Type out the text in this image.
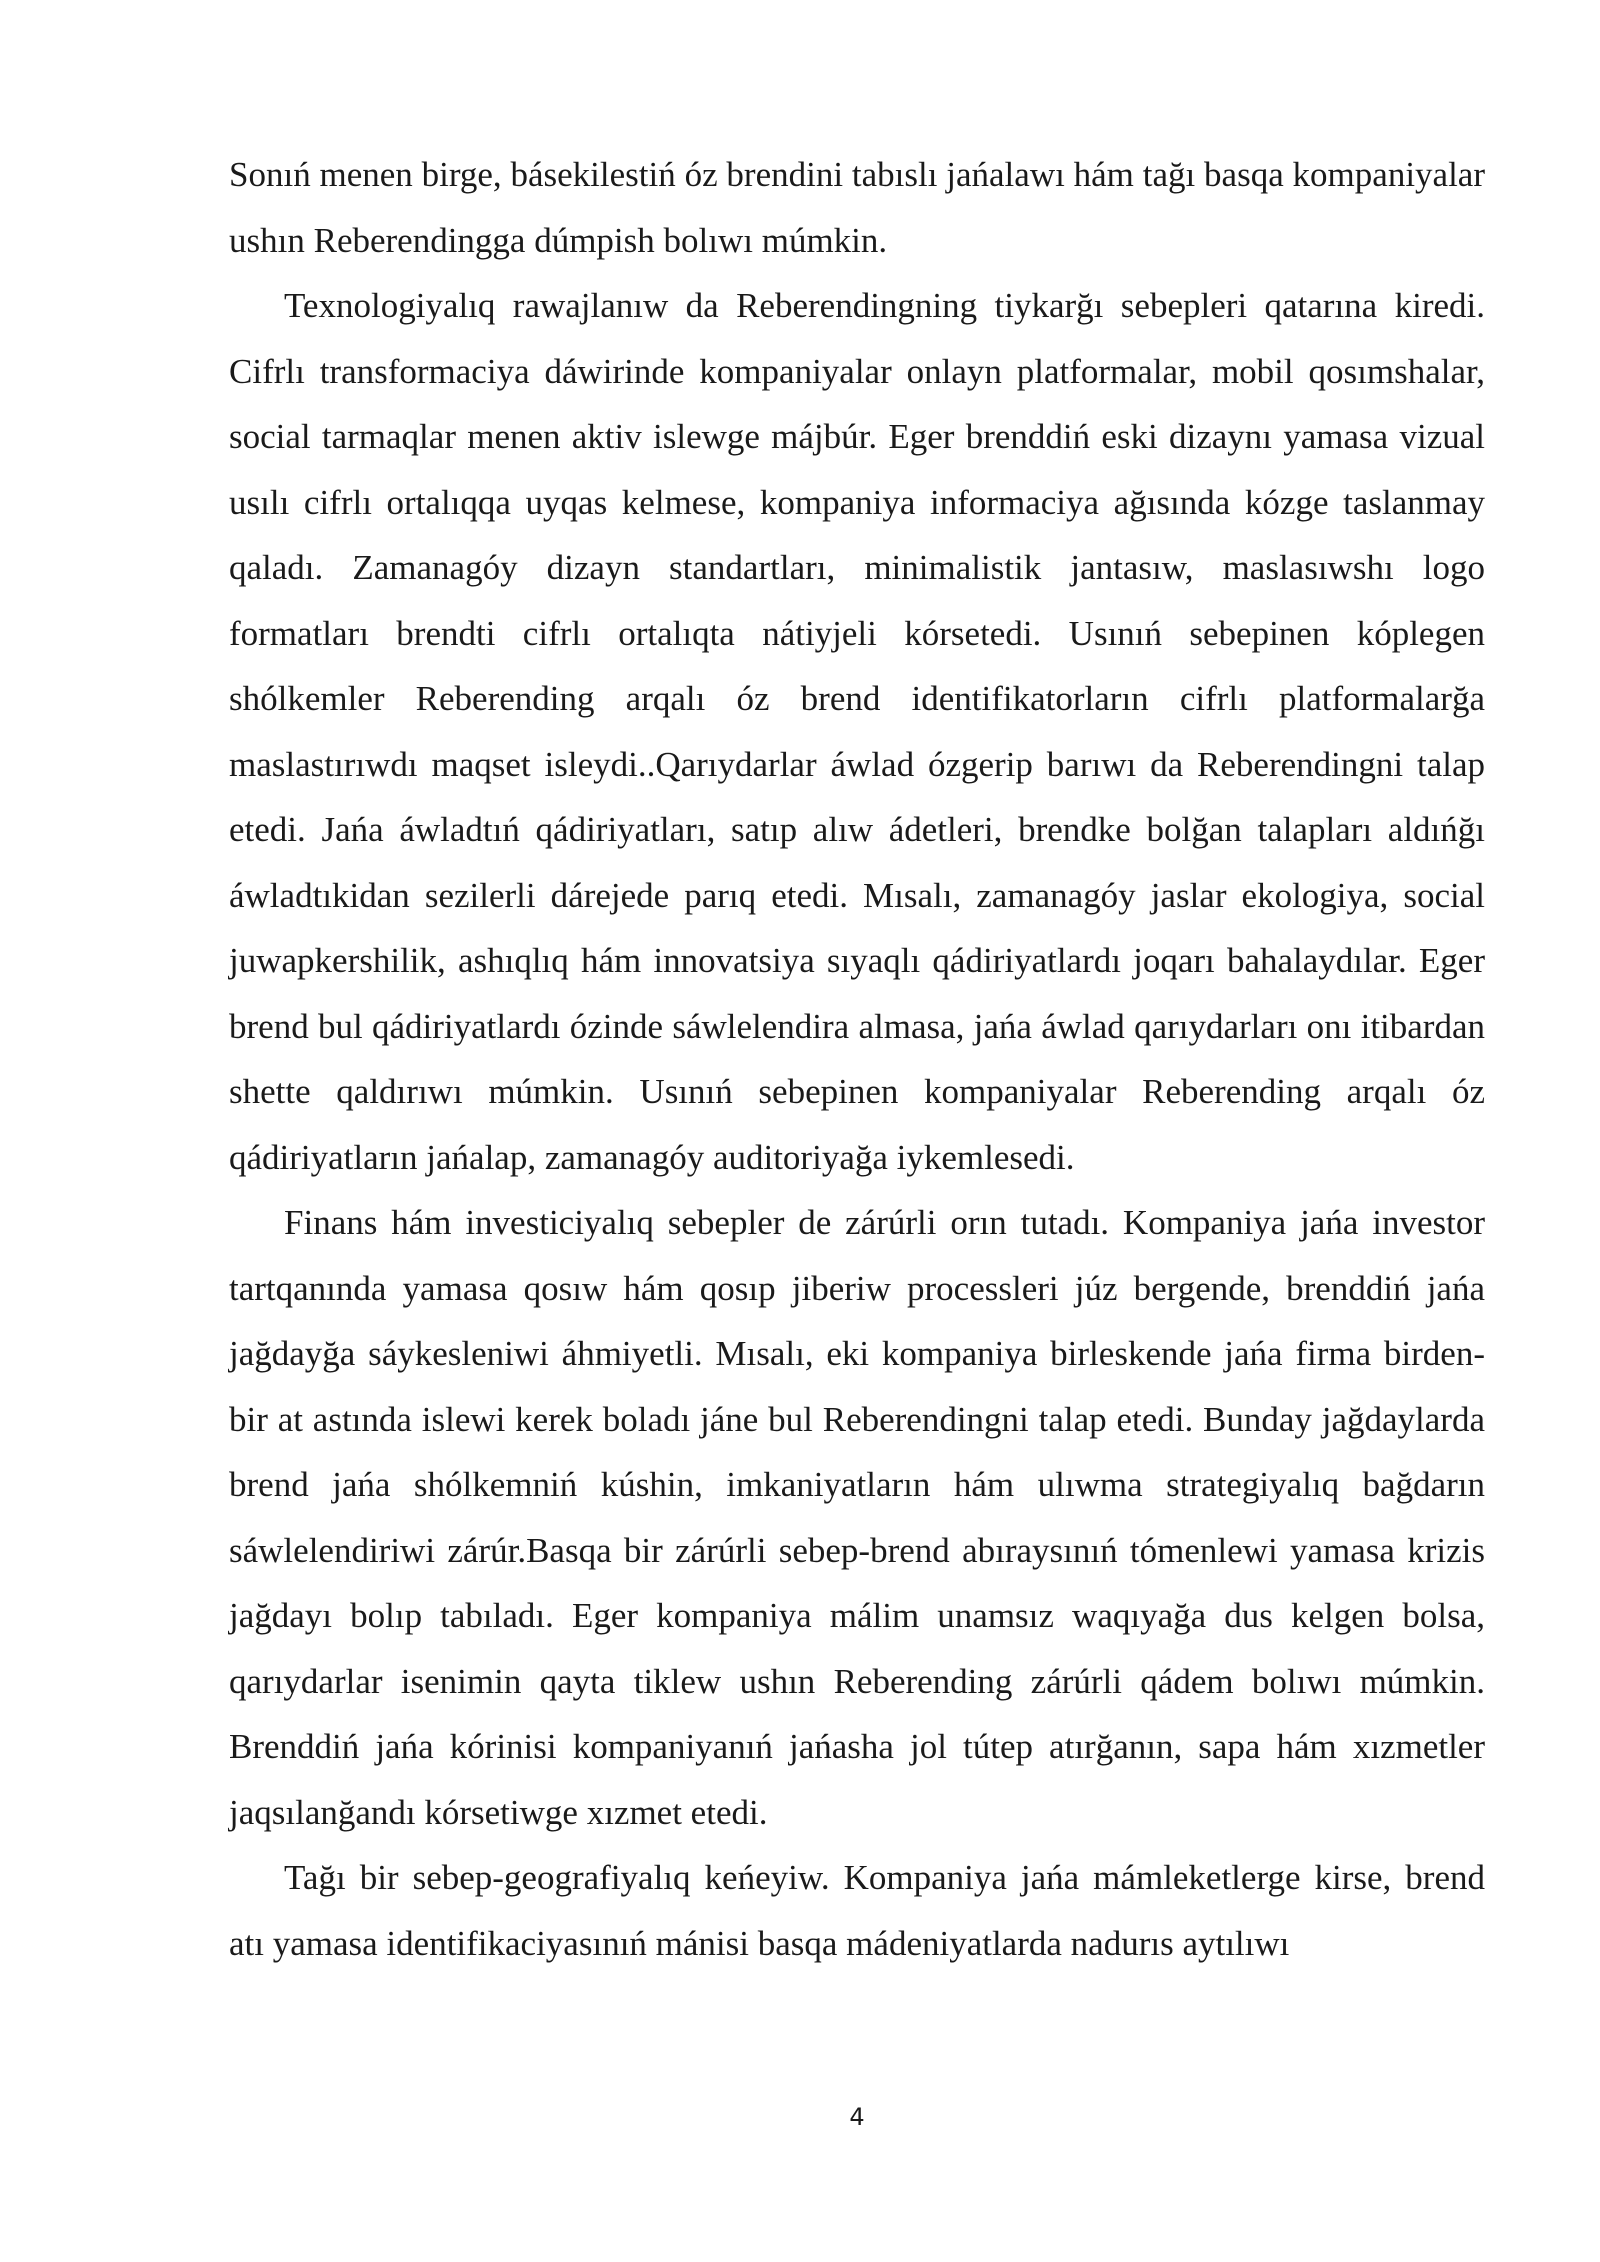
Sonıń menen birge, básekilestiń óz brendini tabıslı jańalawı hám tağı basqa kompaniyalar ushın Reberendingga dúmpish bolıwı múmkin.

Texnologiyalıq rawajlanıw da Reberendingning tiykarğı sebepleri qatarına kiredi. Cifrlı transformaciya dáwirinde kompaniyalar onlayn platformalar, mobil qosımshalar, social tarmaqlar menen aktiv islewge májbúr. Eger brenddiń eski dizaynı yamasa vizual usılı cifrlı ortalıqqa uyqas kelmese, kompaniya informaciya ağısında kózge taslanmay qaladı. Zamanagóy dizayn standartları, minimalistik jantasıw, maslasıwshı logo formatları brendti cifrlı ortalıqta nátiyjeli kórsetedi. Usınıń sebepinen kóplegen shólkemler Reberending arqalı óz brend identifikatorların cifrlı platformalarğa maslastırıwdı maqset isleydi..Qarıydarlar áwlad ózgerip barıwı da Reberendingni talap etedi. Jańa áwladtıń qádiriyatları, satıp alıw ádetleri, brendke bolğan talapları aldıńğı áwladtıkidan sezilerli dárejede parıq etedi. Mısalı, zamanagóy jaslar ekologiya, social juwapkershilik, ashıqlıq hám innovatsiya sıyaqlı qádiriyatlardı joqarı bahalaydılar. Eger brend bul qádiriyatlardı ózinde sáwlelendira almasa, jańa áwlad qarıydarları onı itibardan shette qaldırıwı múmkin. Usınıń sebepinen kompaniyalar Reberending arqalı óz qádiriyatların jańalap, zamanagóy auditoriyağa iykemlesedi.

Finans hám investiciyalıq sebepler de zárúrli orın tutadı. Kompaniya jańa investor tartqanında yamasa qosıw hám qosıp jiberiw processleri júz bergende, brenddiń jańa jağdayğa sáykesleniwi áhmiyetli. Mısalı, eki kompaniya birleskende jańa firma birden-bir at astında islewi kerek boladı jáne bul Reberendingni talap etedi. Bunday jağdaylarda brend jańa shólkemniń kúshin, imkaniyatların hám ulıwma strategiyalıq bağdarın sáwlelendiriwi zárúr.Basqa bir zárúrli sebep-brend abıraysınıń tómenlewi yamasa krizis jağdayı bolıp tabıladı. Eger kompaniya málim unamsız waqıyağa dus kelgen bolsa, qarıydarlar isenimin qayta tiklew ushın Reberending zárúrli qádem bolıwı múmkin. Brenddiń jańa kórinisi kompaniyanıń jańasha jol tútep atırğanın, sapa hám xızmetler jaqsılanğandı kórsetiwge xızmet etedi.

Tağı bir sebep-geografiyalıq keńeyiw. Kompaniya jańa mámleketlerge kirse, brend atı yamasa identifikaciyasınıń mánisi basqa mádeniyatlarda nadurıs aytılıwı

4
